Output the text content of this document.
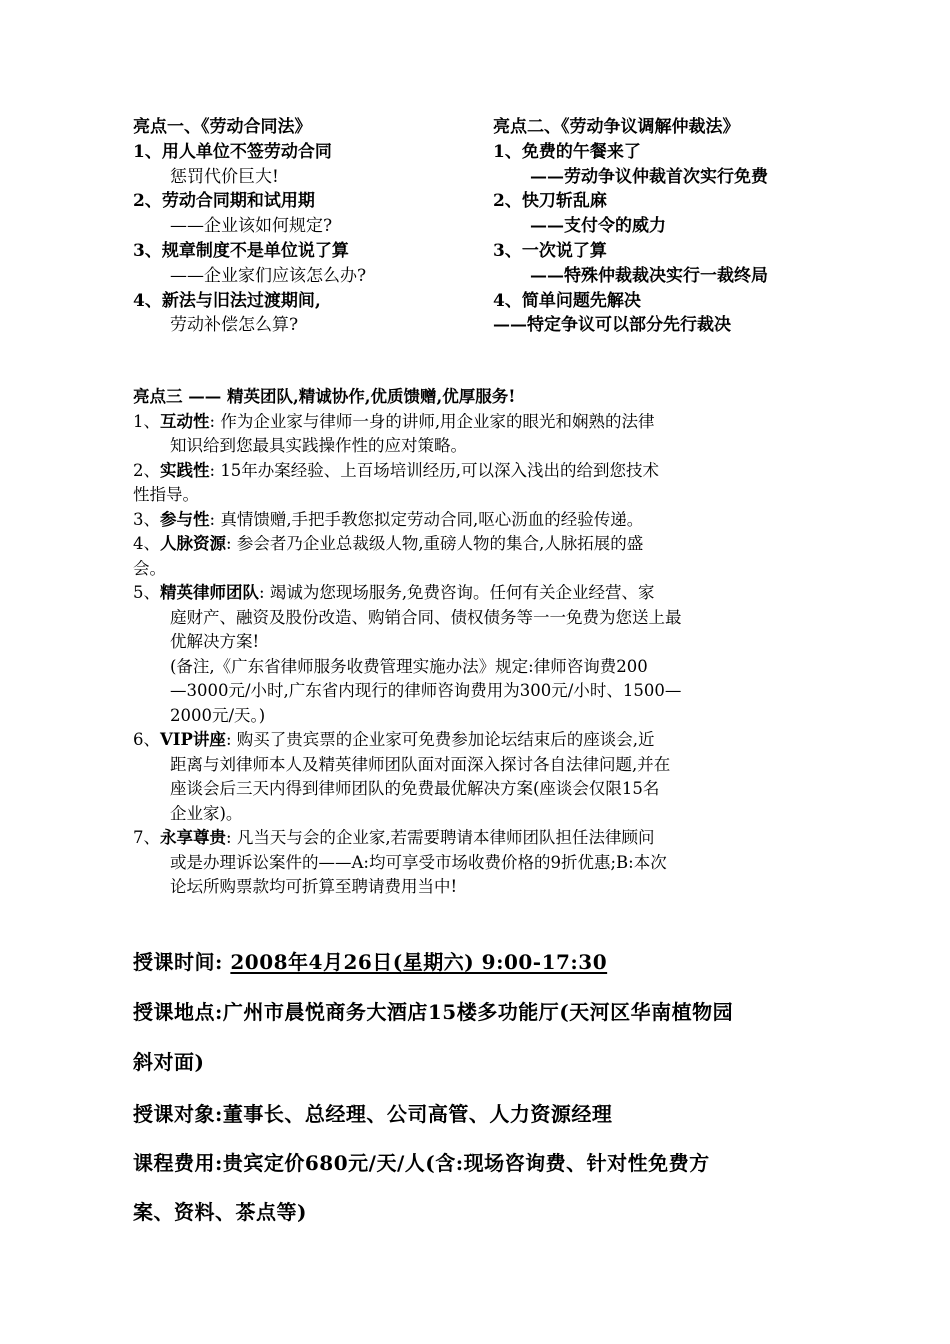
亮点一、《劳动合同法》
1、用人单位不签劳动合同
惩罚代价巨大!
2、劳动合同期和试用期
——企业该如何规定?
3、规章制度不是单位说了算
——企业家们应该怎么办?
4、新法与旧法过渡期间,
劳动补偿怎么算?
亮点二、《劳动争议调解仲裁法》
1、免费的午餐来了
——劳动争议仲裁首次实行免费
2、快刀斩乱麻
——支付令的威力
3、一次说了算
——特殊仲裁裁决实行一裁终局
4、简单问题先解决
——特定争议可以部分先行裁决
亮点三 —— 精英团队,精诚协作,优质馈赠,优厚服务!
1、互动性: 作为企业家与律师一身的讲师,用企业家的眼光和娴熟的法律
知识给到您最具实践操作性的应对策略。
2、实践性: 15年办案经验、上百场培训经历,可以深入浅出的给到您技术
性指导。
3、参与性: 真情馈赠,手把手教您拟定劳动合同,呕心沥血的经验传递。
4、人脉资源: 参会者乃企业总裁级人物,重磅人物的集合,人脉拓展的盛
会。
5、精英律师团队: 竭诚为您现场服务,免费咨询。任何有关企业经营、家
庭财产、融资及股份改造、购销合同、债权债务等一一免费为您送上最
优解决方案!
(备注,《广东省律师服务收费管理实施办法》规定:律师咨询费200
—3000元/小时,广东省内现行的律师咨询费用为300元/小时、1500—
2000元/天。)
6、VIP讲座: 购买了贵宾票的企业家可免费参加论坛结束后的座谈会,近
距离与刘律师本人及精英律师团队面对面深入探讨各自法律问题,并在
座谈会后三天内得到律师团队的免费最优解决方案(座谈会仅限15名
企业家)。
7、永享尊贵: 凡当天与会的企业家,若需要聘请本律师团队担任法律顾问
或是办理诉讼案件的——A:均可享受市场收费价格的9折优惠;B:本次
论坛所购票款均可折算至聘请费用当中!
授课时间: 2008年4月26日(星期六) 9:00-17:30
授课地点:广州市晨悦商务大酒店15楼多功能厅(天河区华南植物园
斜对面)
授课对象:董事长、总经理、公司高管、人力资源经理
课程费用:贵宾定价680元/天/人(含:现场咨询费、针对性免费方
案、资料、茶点等)
